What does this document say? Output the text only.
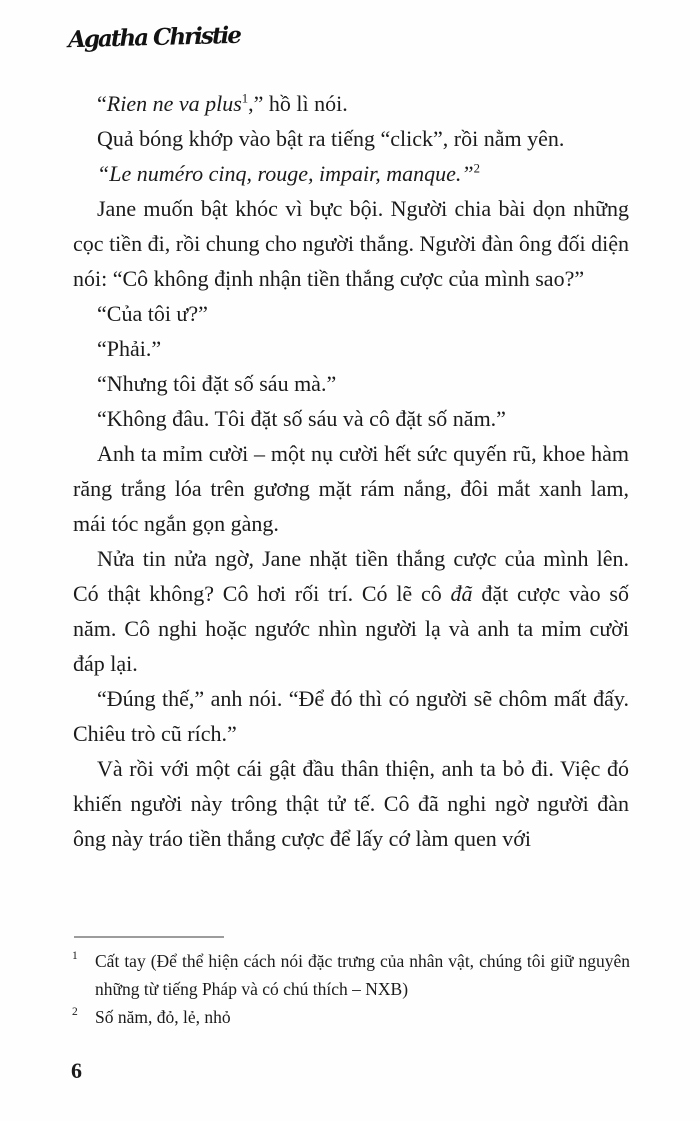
Agatha Christie

“Rien ne va plus$^1$,” hồ lì nói.

Quả bóng khớp vào bật ra tiếng “click”, rồi nằm yên.

“Le numéro cinq, rouge, impair, manque.”$^2$

Jane muốn bật khóc vì bực bội. Người chia bài dọn những cọc tiền đi, rồi chung cho người thắng. Người đàn ông đối diện nói: “Cô không định nhận tiền thắng cược của mình sao?”

“Của tôi ư?”

“Phải.”

“Nhưng tôi đặt số sáu mà.”

“Không đâu. Tôi đặt số sáu và cô đặt số năm.”

Anh ta mỉm cười – một nụ cười hết sức quyến rũ, khoe hàm răng trắng lóa trên gương mặt rám nắng, đôi mắt xanh lam, mái tóc ngắn gọn gàng.

Nửa tin nửa ngờ, Jane nhặt tiền thắng cược của mình lên. Có thật không? Cô hơi rối trí. Có lẽ cô đã đặt cược vào số năm. Cô nghi hoặc ngước nhìn người lạ và anh ta mỉm cười đáp lại.

“Đúng thế,” anh nói. “Để đó thì có người sẽ chôm mất đấy. Chiêu trò cũ rích.”

Và rồi với một cái gật đầu thân thiện, anh ta bỏ đi. Việc đó khiến người này trông thật tử tế. Cô đã nghi ngờ người đàn ông này tráo tiền thắng cược để lấy cớ làm quen với

1 Cất tay (Để thể hiện cách nói đặc trưng của nhân vật, chúng tôi giữ nguyên những từ tiếng Pháp và có chú thích – NXB)
2 Số năm, đỏ, lẻ, nhỏ
6
